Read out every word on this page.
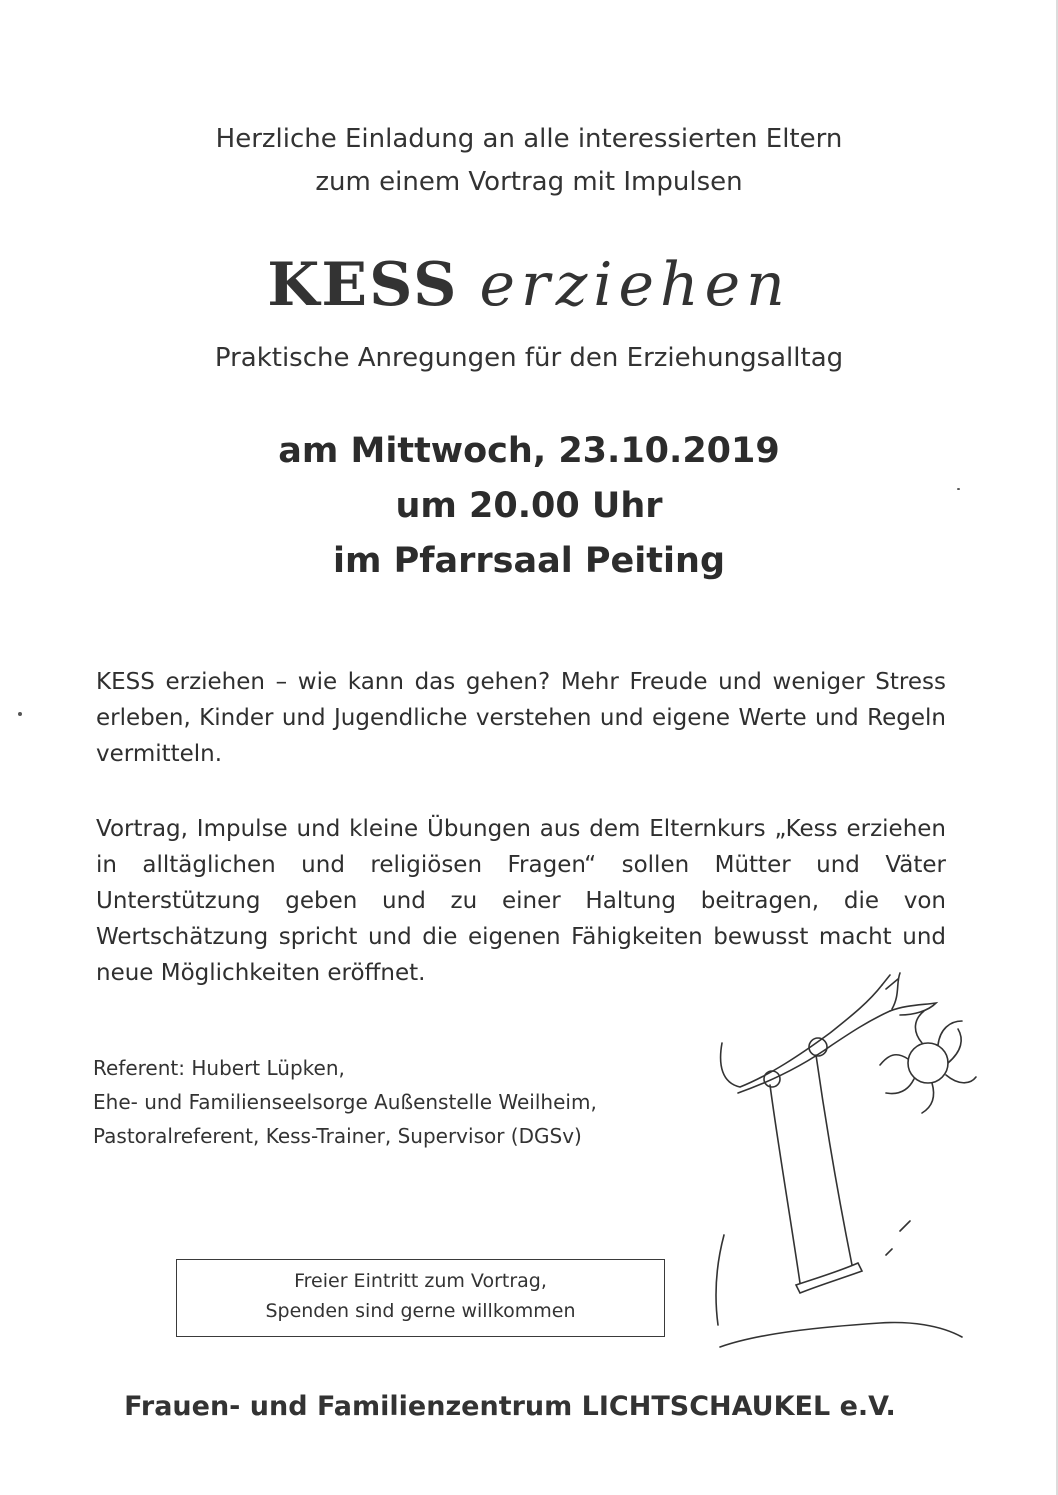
Herzliche Einladung an alle interessierten Eltern
zum einem Vortrag mit Impulsen
KESS erziehen
Praktische Anregungen für den Erziehungsalltag
am Mittwoch, 23.10.2019
um 20.00 Uhr
im Pfarrsaal Peiting

KESS erziehen – wie kann das gehen? Mehr Freude und weniger Stress erleben, Kinder und Jugendliche verstehen und eigene Werte und Regeln vermitteln.

Vortrag, Impulse und kleine Übungen aus dem Elternkurs „Kess erziehen in alltäglichen und religiösen Fragen“ sollen Mütter und Väter Unterstützung geben und zu einer Haltung beitragen, die von Wertschätzung spricht und die eigenen Fähigkeiten bewusst macht und neue Möglichkeiten eröffnet.

Referent: Hubert Lüpken,
Ehe- und Familienseelsorge Außenstelle Weilheim,
Pastoralreferent, Kess-Trainer, Supervisor (DGSv)
Freier Eintritt zum Vortrag,
Spenden sind gerne willkommen
Frauen- und Familienzentrum LICHTSCHAUKEL e.V.
